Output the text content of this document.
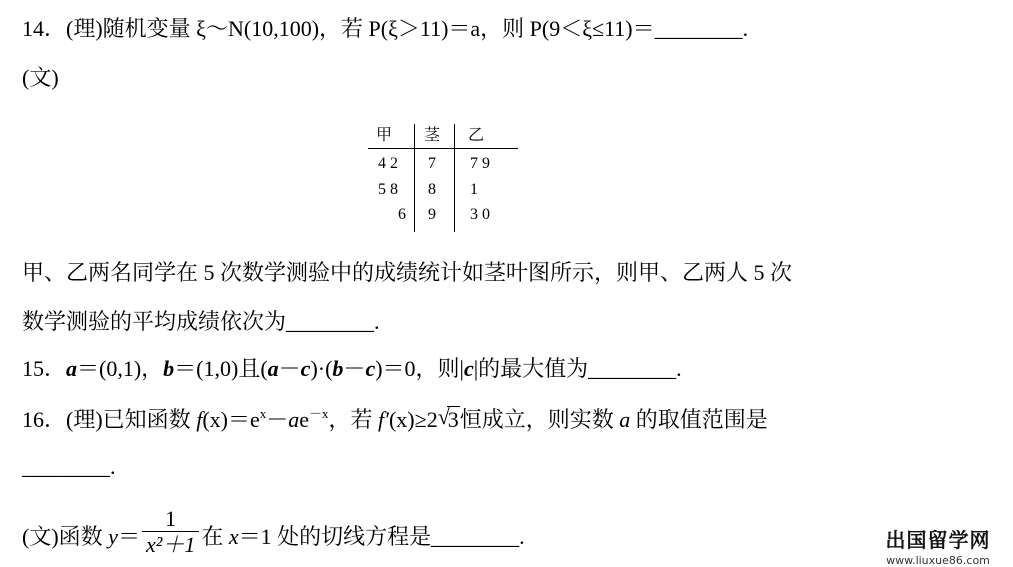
14．(理)随机变量 ξ～N(10,100)，若 P(ξ＞11)＝a，则 P(9＜ξ≤11)＝________.
(文)
甲 茎 乙
4 2 7 7 9
5 8 8 1
6 9 3 0
甲、乙两名同学在 5 次数学测验中的成绩统计如茎叶图所示，则甲、乙两人 5 次
数学测验的平均成绩依次为________.
15．a＝(0,1)，b＝(1,0)且(a－c)·(b－c)＝0，则|c|的最大值为________.
16．(理)已知函数 $f(x)=e^x-ae^{-x}$，若 f′(x)≥2 √
3恒成立，则实数 a 的取值范围是
________.
(文)函数 $y= \frac{1}{\text{x²＋1}}$ 在 x＝1 处的切线方程是________.	出国留学网
www.liuxue86.com
